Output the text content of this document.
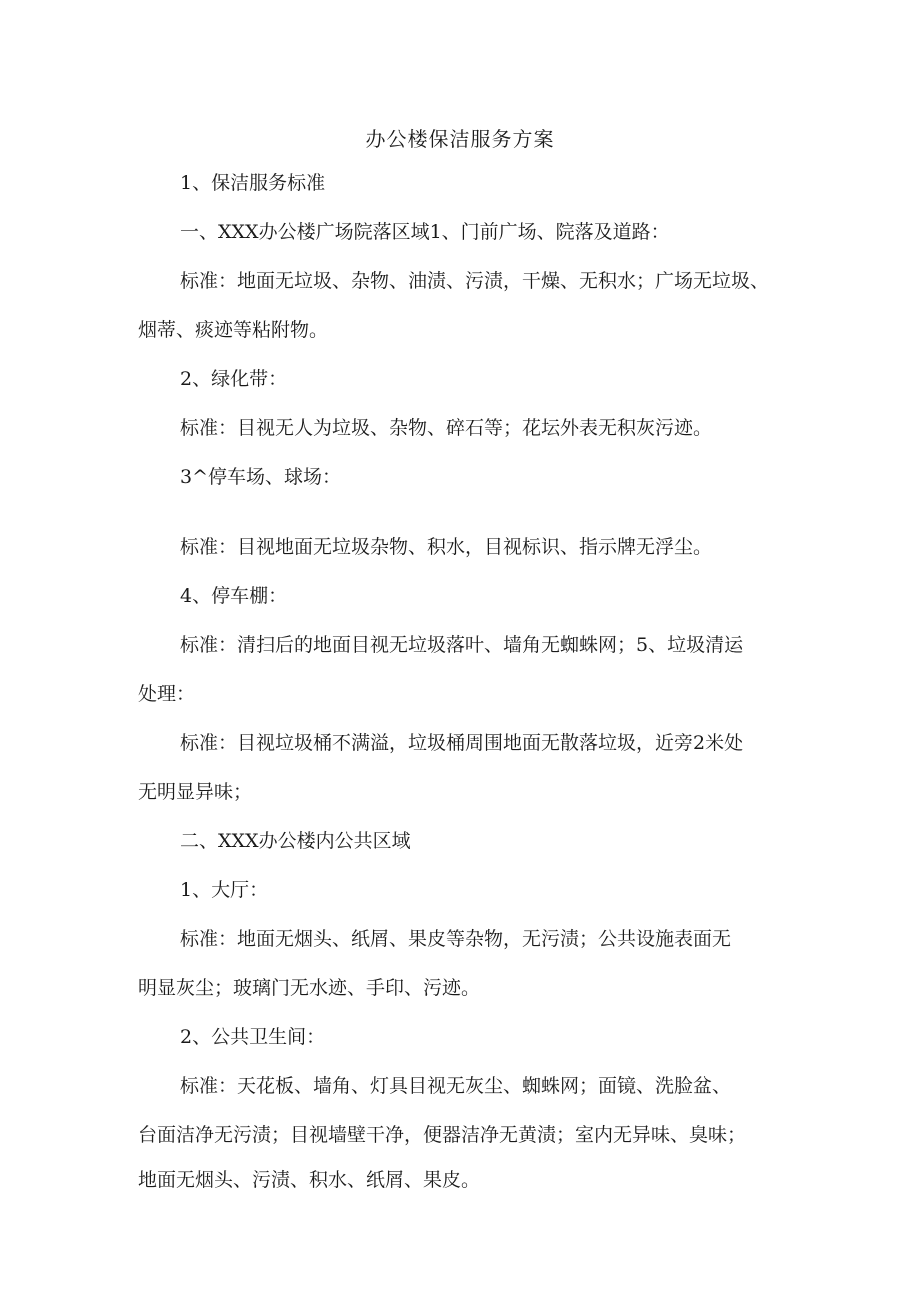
办公楼保洁服务方案
1、保洁服务标准
一、XXX办公楼广场院落区域1、门前广场、院落及道路：
标准：地面无垃圾、杂物、油渍、污渍，干燥、无积水；广场无垃圾、
烟蒂、痰迹等粘附物。
2、绿化带：
标准：目视无人为垃圾、杂物、碎石等；花坛外表无积灰污迹。
3^停车场、球场：
标准：目视地面无垃圾杂物、积水，目视标识、指示牌无浮尘。
4、停车棚：
标准：清扫后的地面目视无垃圾落叶、墙角无蜘蛛网；5、垃圾清运
处理：
标准：目视垃圾桶不满溢，垃圾桶周围地面无散落垃圾，近旁2米处
无明显异味；
二、XXX办公楼内公共区域
1、大厅：
标准：地面无烟头、纸屑、果皮等杂物，无污渍；公共设施表面无
明显灰尘；玻璃门无水迹、手印、污迹。
2、公共卫生间：
标准：天花板、墙角、灯具目视无灰尘、蜘蛛网；面镜、洗脸盆、
台面洁净无污渍；目视墙壁干净，便器洁净无黄渍；室内无异味、臭味；
地面无烟头、污渍、积水、纸屑、果皮。
